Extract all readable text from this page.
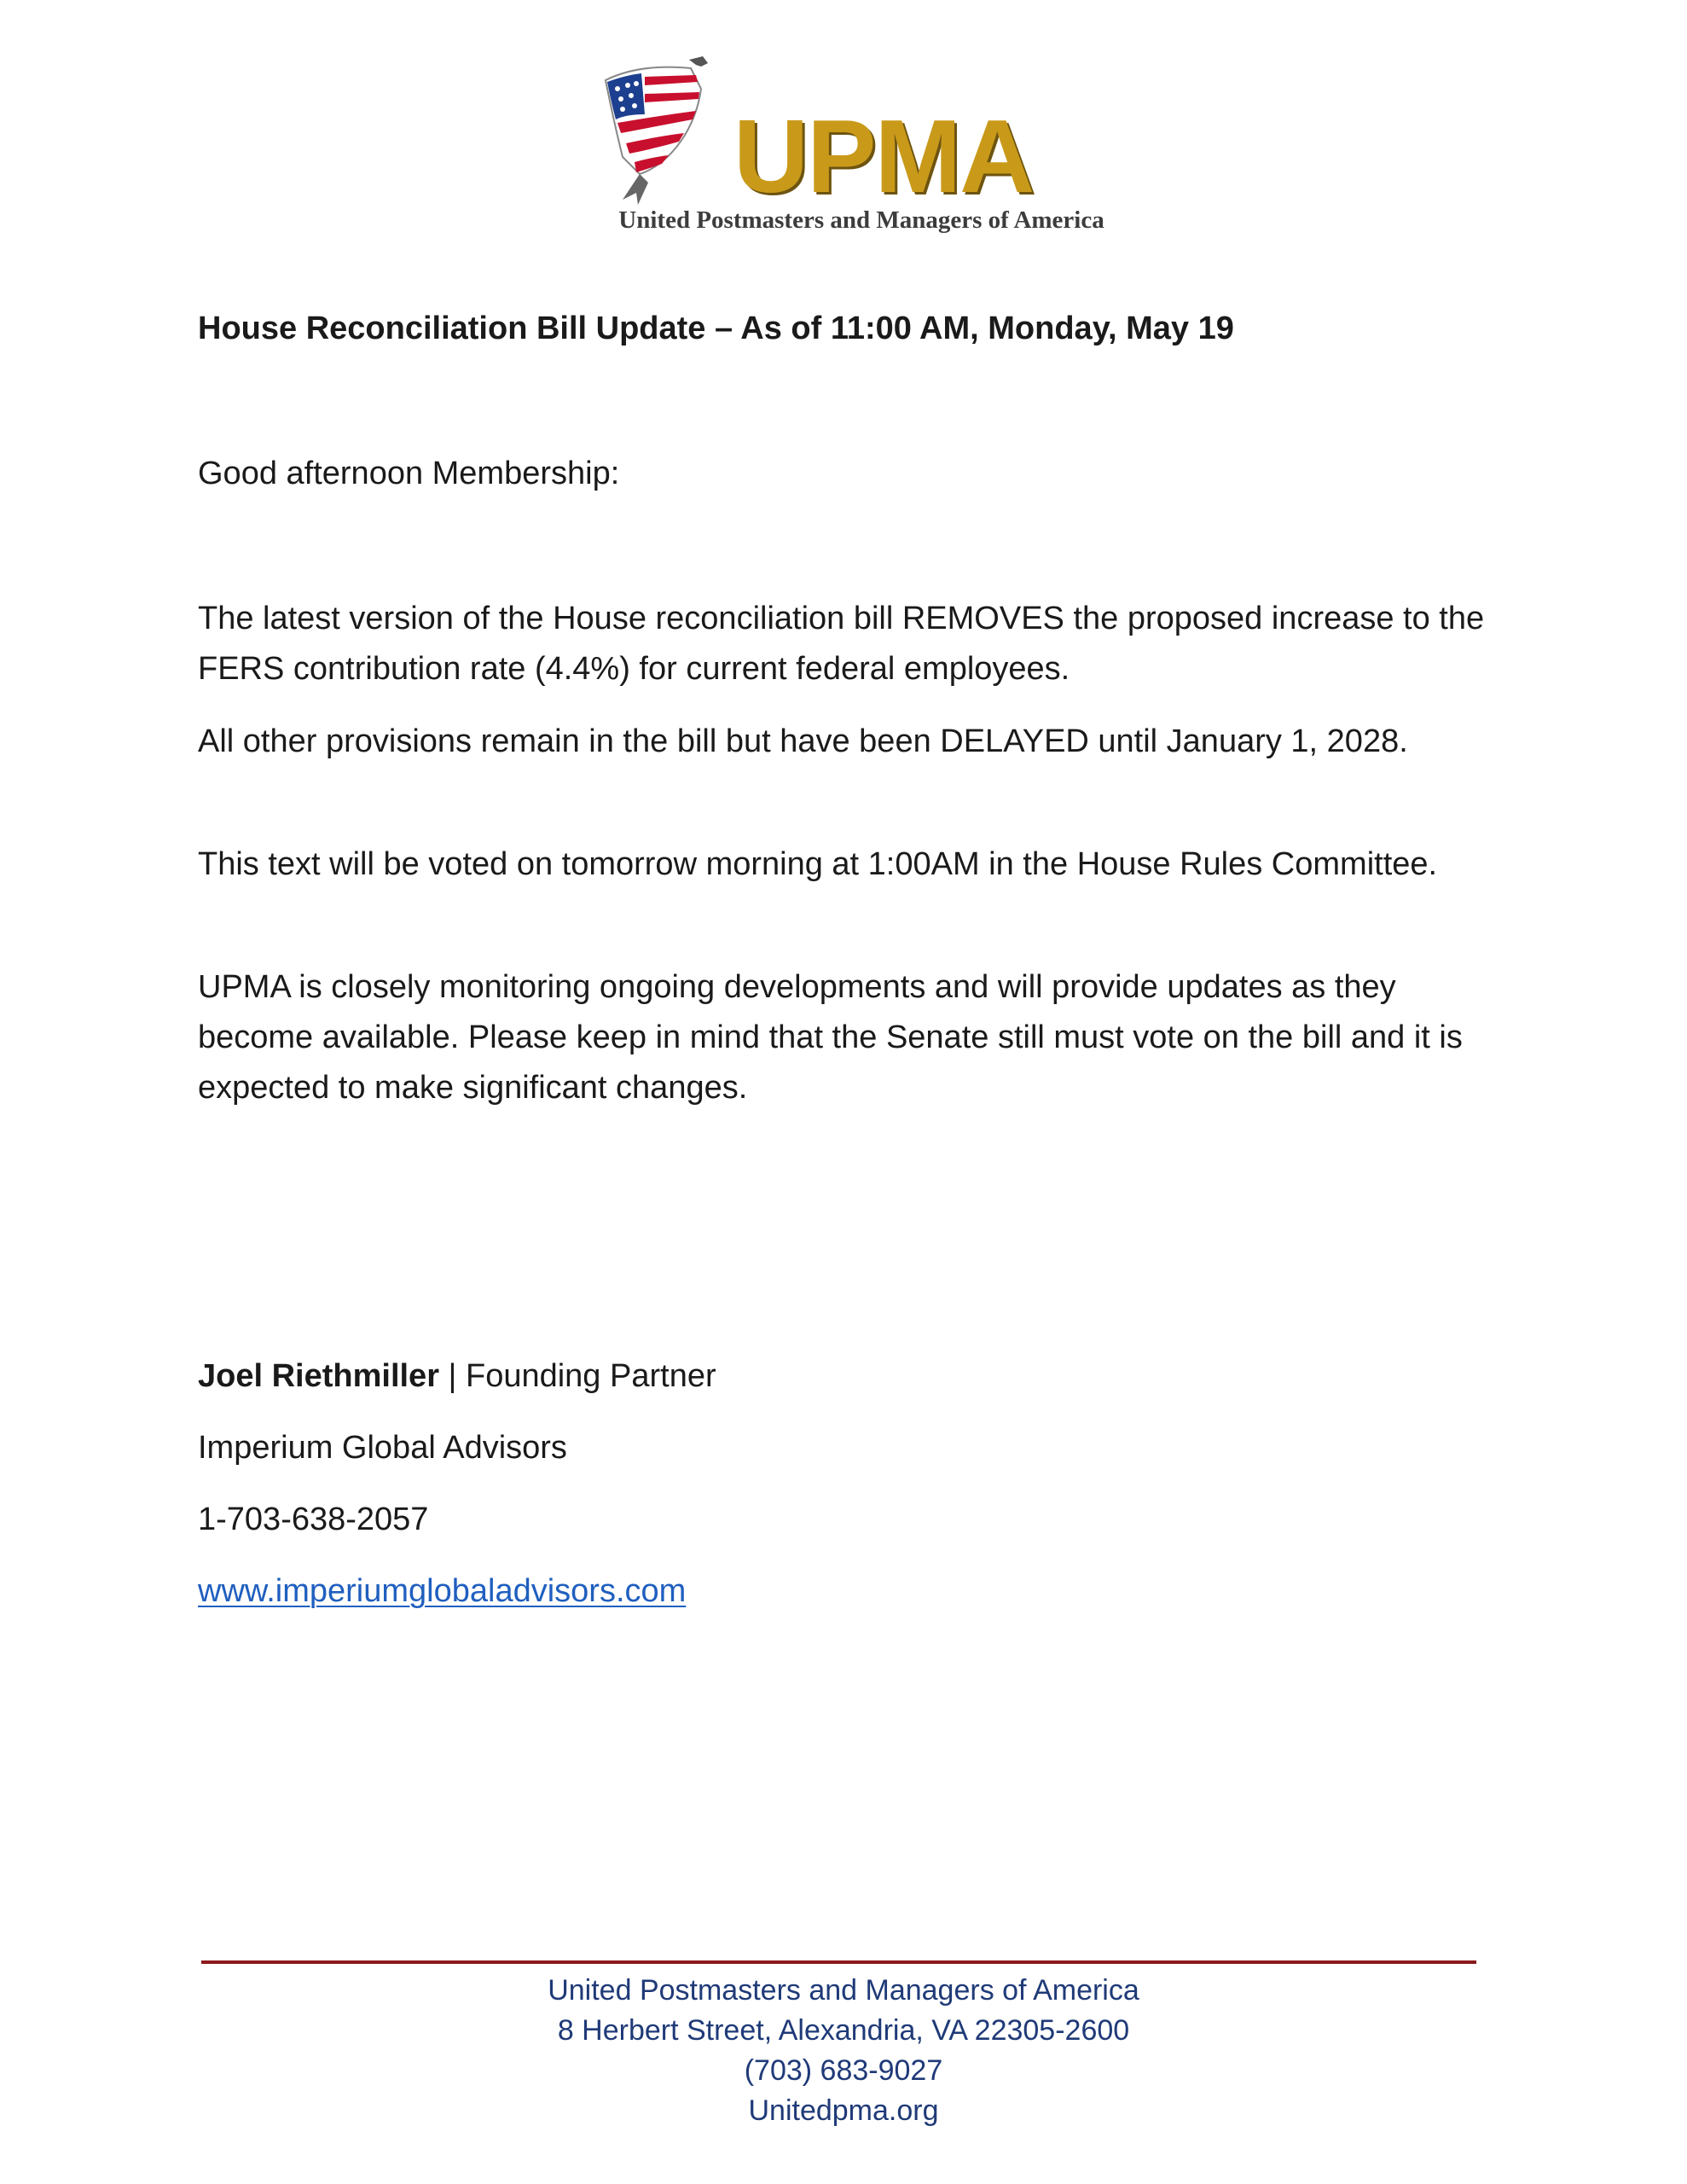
UPMA
United Postmasters and Managers of America
House Reconciliation Bill Update – As of 11:00 AM, Monday, May 19
Good afternoon Membership:

The latest version of the House reconciliation bill REMOVES the proposed increase to the FERS contribution rate (4.4%) for current federal employees.

All other provisions remain in the bill but have been DELAYED until January 1, 2028.

This text will be voted on tomorrow morning at 1:00AM in the House Rules Committee.

UPMA is closely monitoring ongoing developments and will provide updates as they become available. Please keep in mind that the Senate still must vote on the bill and it is expected to make significant changes.

Joel Riethmiller | Founding Partner
Imperium Global Advisors
1-703-638-2057
www.imperiumglobaladvisors.com
United Postmasters and Managers of America
8 Herbert Street, Alexandria, VA 22305-2600
(703) 683-9027
Unitedpma.org
